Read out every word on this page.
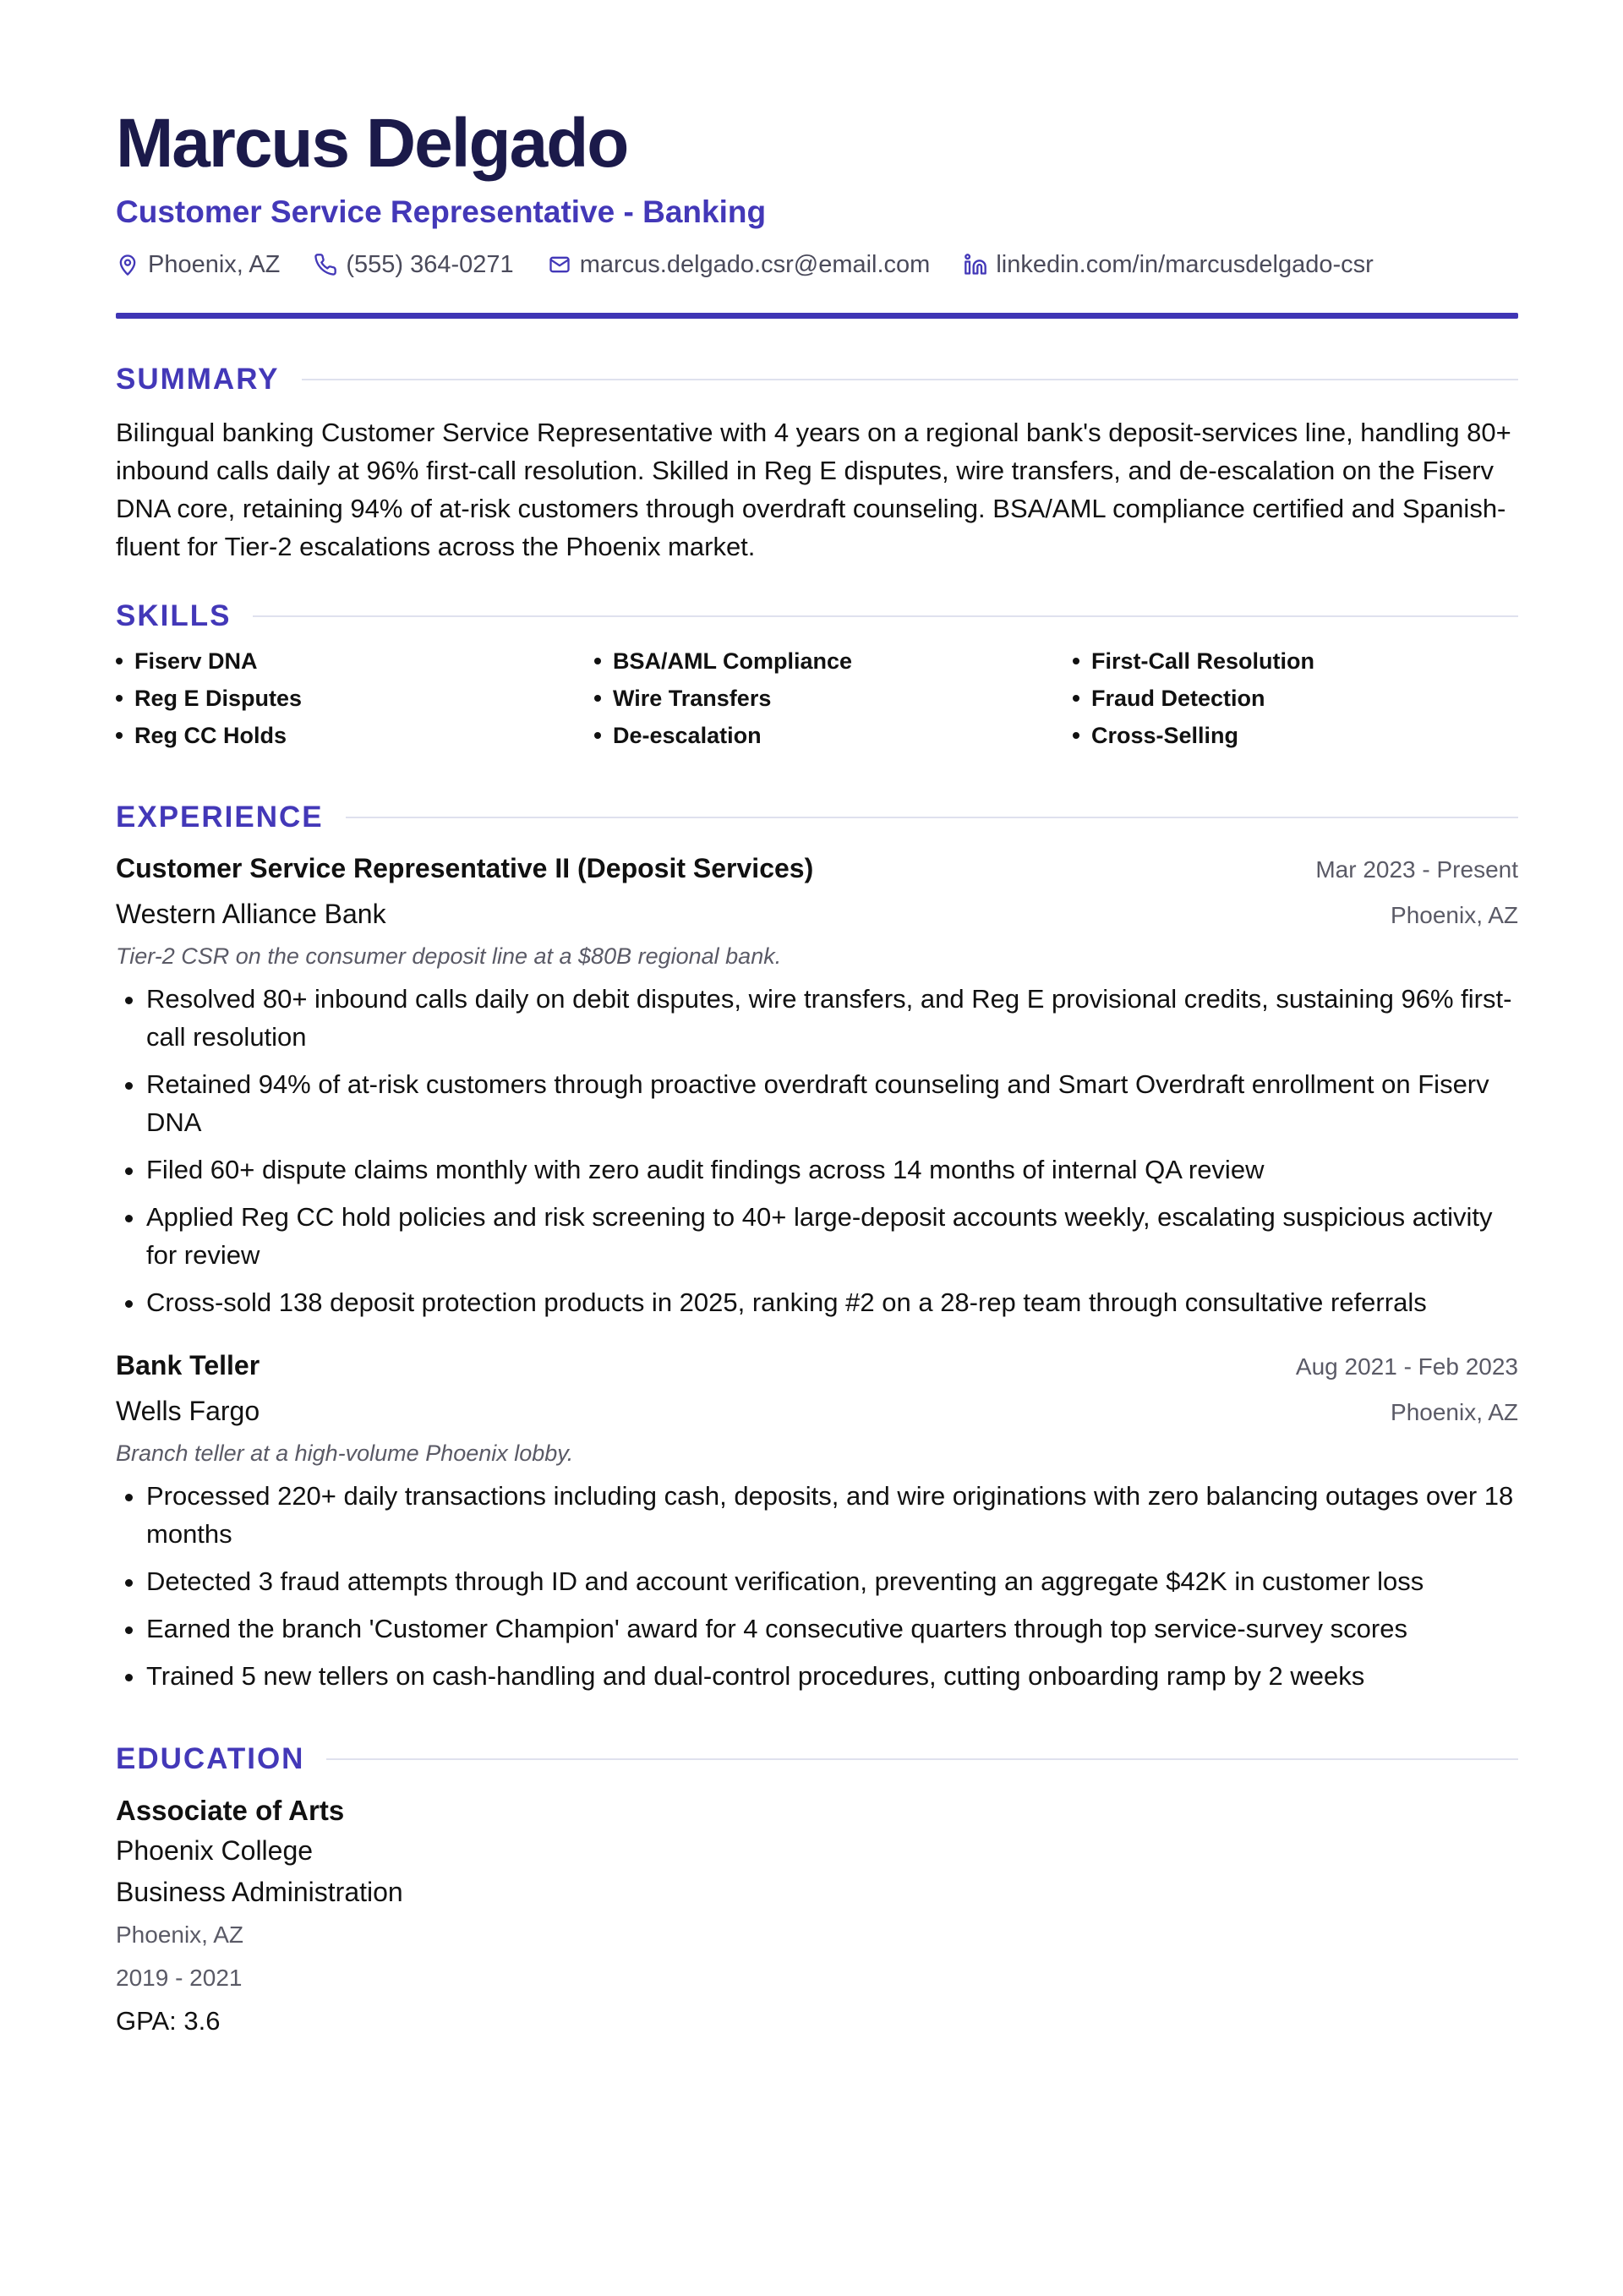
Marcus Delgado
Customer Service Representative - Banking
Phoenix, AZ	(555) 364-0271	marcus.delgado.csr@email.com	linkedin.com/in/marcusdelgado-csr
SUMMARY

Bilingual banking Customer Service Representative with 4 years on a regional bank's deposit-services line, handling 80+ inbound calls daily at 96% first-call resolution. Skilled in Reg E disputes, wire transfers, and de-escalation on the Fiserv DNA core, retaining 94% of at-risk customers through overdraft counseling. BSA/AML compliance certified and Spanish-fluent for Tier-2 escalations across the Phoenix market.

SKILLS
Fiserv DNA	BSA/AML Compliance	First-Call Resolution
Reg E Disputes	Wire Transfers	Fraud Detection
Reg CC Holds	De-escalation	Cross-Selling
EXPERIENCE
Customer Service Representative II (Deposit Services)	Mar 2023 - Present
Western Alliance Bank	Phoenix, AZ
Tier-2 CSR on the consumer deposit line at a $80B regional bank.
• Resolved 80+ inbound calls daily on debit disputes, wire transfers, and Reg E provisional credits, sustaining 96% first-call resolution
• Retained 94% of at-risk customers through proactive overdraft counseling and Smart Overdraft enrollment on Fiserv DNA
• Filed 60+ dispute claims monthly with zero audit findings across 14 months of internal QA review
• Applied Reg CC hold policies and risk screening to 40+ large-deposit accounts weekly, escalating suspicious activity for review
• Cross-sold 138 deposit protection products in 2025, ranking #2 on a 28-rep team through consultative referrals
Bank Teller	Aug 2021 - Feb 2023
Wells Fargo	Phoenix, AZ
Branch teller at a high-volume Phoenix lobby.
• Processed 220+ daily transactions including cash, deposits, and wire originations with zero balancing outages over 18 months
• Detected 3 fraud attempts through ID and account verification, preventing an aggregate $42K in customer loss
• Earned the branch 'Customer Champion' award for 4 consecutive quarters through top service-survey scores
• Trained 5 new tellers on cash-handling and dual-control procedures, cutting onboarding ramp by 2 weeks
EDUCATION
Associate of Arts
Phoenix College
Business Administration
Phoenix, AZ
2019 - 2021
GPA: 3.6
